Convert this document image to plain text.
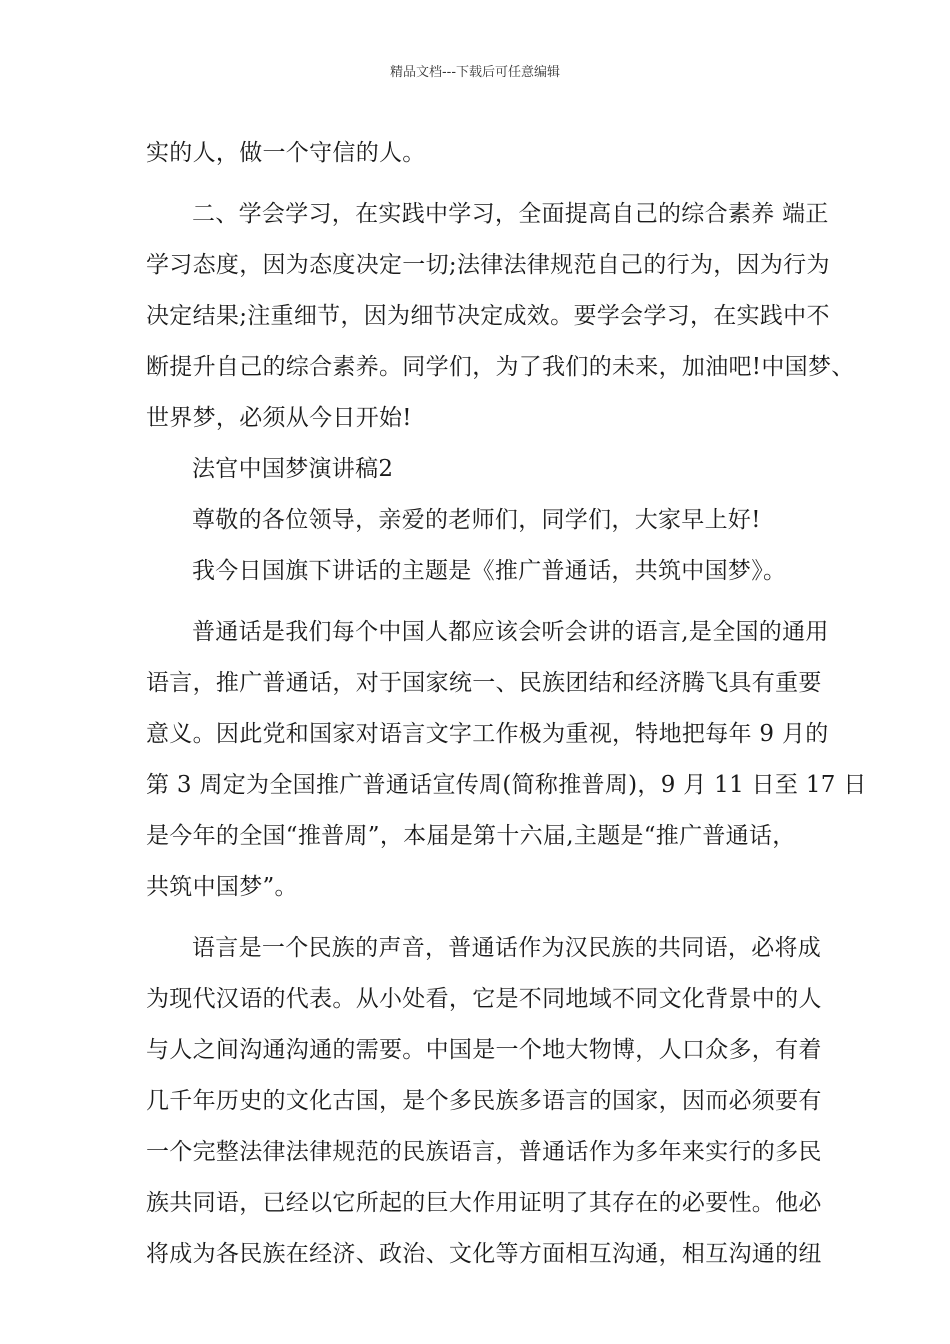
精品文档---下载后可任意编辑
实的人，做一个守信的人。
二、学会学习，在实践中学习，全面提高自己的综合素养 端正
学习态度，因为态度决定一切;法律法律规范自己的行为，因为行为
决定结果;注重细节，因为细节决定成效。要学会学习，在实践中不
断提升自己的综合素养。同学们，为了我们的未来，加油吧!中国梦、
世界梦，必须从今日开始!
法官中国梦演讲稿2
尊敬的各位领导，亲爱的老师们，同学们，大家早上好!
我今日国旗下讲话的主题是《推广普通话，共筑中国梦》。
普通话是我们每个中国人都应该会听会讲的语言,是全国的通用
语言，推广普通话，对于国家统一、民族团结和经济腾飞具有重要
意义。因此党和国家对语言文字工作极为重视，特地把每年 9 月的
第 3 周定为全国推广普通话宣传周(简称推普周)，9 月 11 日至 17 日
是今年的全国“推普周”，本届是第十六届,主题是“推广普通话，
共筑中国梦”。
语言是一个民族的声音，普通话作为汉民族的共同语，必将成
为现代汉语的代表。从小处看，它是不同地域不同文化背景中的人
与人之间沟通沟通的需要。中国是一个地大物博，人口众多，有着
几千年历史的文化古国，是个多民族多语言的国家，因而必须要有
一个完整法律法律规范的民族语言，普通话作为多年来实行的多民
族共同语，已经以它所起的巨大作用证明了其存在的必要性。他必
将成为各民族在经济、政治、文化等方面相互沟通，相互沟通的纽
